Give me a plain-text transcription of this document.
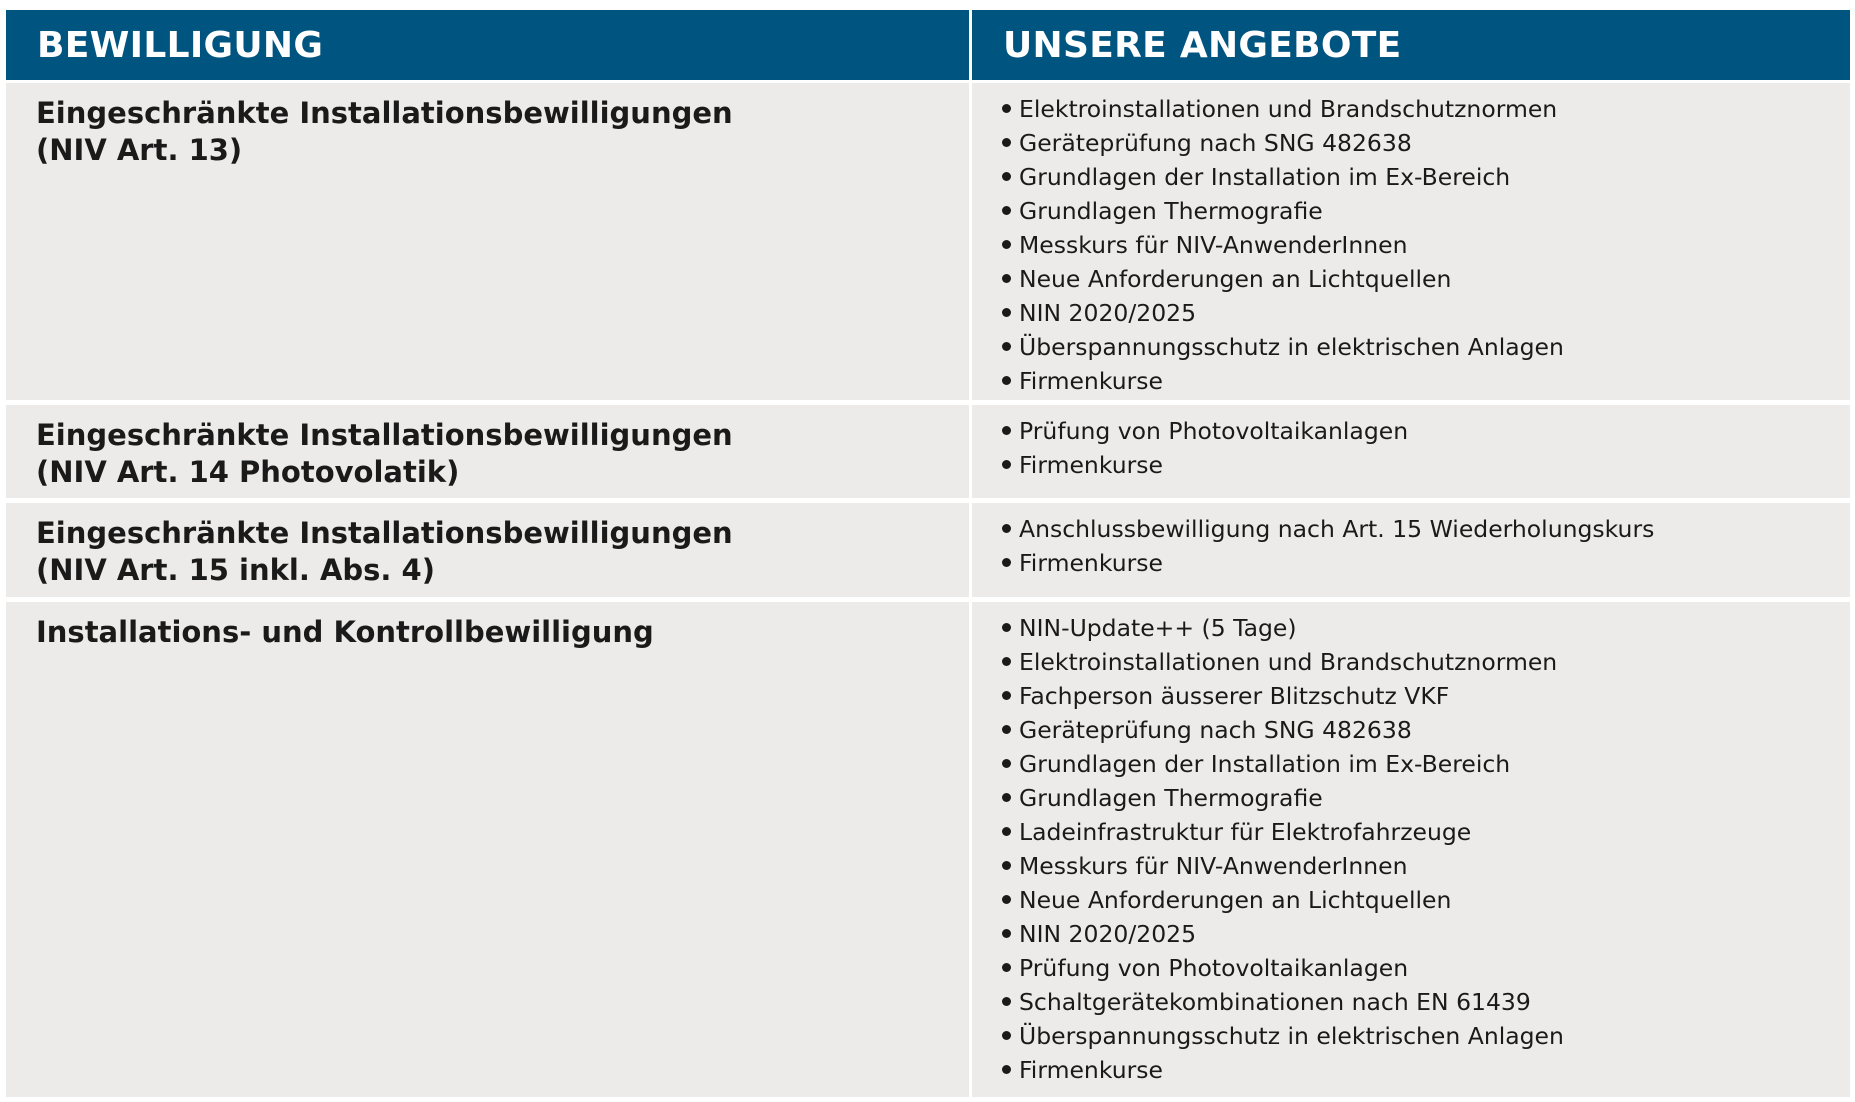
BEWILLIGUNG	UNSERE ANGEBOTE

Eingeschränkte Installationsbewilligungen
(NIV Art. 13)

Elektroinstallationen und Brandschutznormen
Geräteprüfung nach SNG 482638
Grundlagen der Installation im Ex-Bereich
Grundlagen Thermografie
Messkurs für NIV-AnwenderInnen
Neue Anforderungen an Lichtquellen
NIN 2020/2025
Überspannungsschutz in elektrischen Anlagen
Firmenkurse

Eingeschränkte Installationsbewilligungen
(NIV Art. 14 Photovolatik)

Prüfung von Photovoltaikanlagen
Firmenkurse

Eingeschränkte Installationsbewilligungen
(NIV Art. 15 inkl. Abs. 4)

Anschlussbewilligung nach Art. 15 Wiederholungskurs
Firmenkurse

Installations- und Kontrollbewilligung	NIN-Update++ (5 Tage)
Elektroinstallationen und Brandschutznormen
Fachperson äusserer Blitzschutz VKF
Geräteprüfung nach SNG 482638
Grundlagen der Installation im Ex-Bereich
Grundlagen Thermografie
Ladeinfrastruktur für Elektrofahrzeuge
Messkurs für NIV-AnwenderInnen
Neue Anforderungen an Lichtquellen
NIN 2020/2025
Prüfung von Photovoltaikanlagen
Schaltgerätekombinationen nach EN 61439
Überspannungsschutz in elektrischen Anlagen
Firmenkurse
